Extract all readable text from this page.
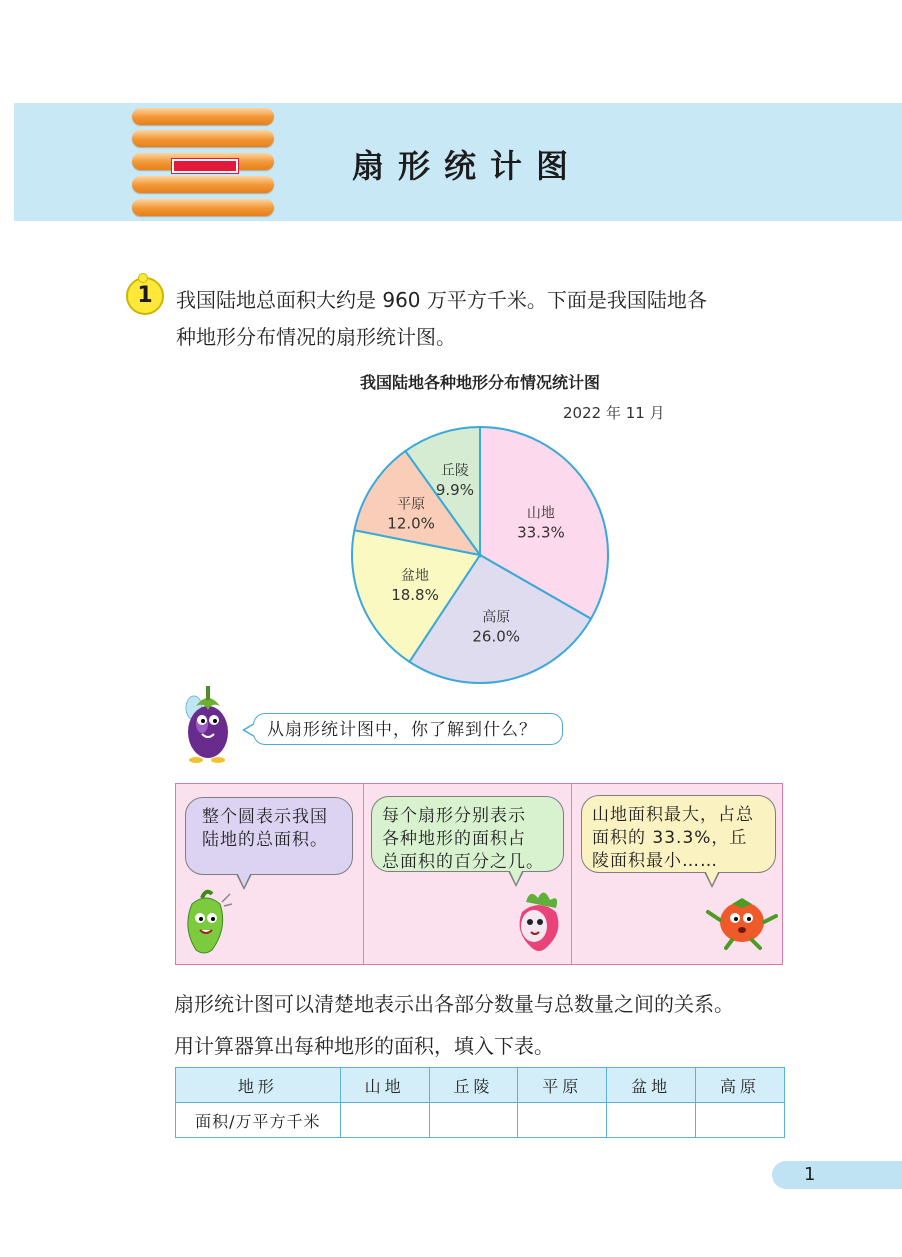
扇形统计图
1	我国陆地总面积大约是 960 万平方千米。下面是我国陆地各
种地形分布情况的扇形统计图。
我国陆地各种地形分布情况统计图
2022 年 11 月
山地
33.3%
高原
26.0%
盆地
18.8%
平原
12.0%
丘陵
9.9%
从扇形统计图中，你了解到什么？
整个圆表示我国
陆地的总面积。
每个扇形分别表示
各种地形的面积占
总面积的百分之几。
山地面积最大，占总
面积的 33.3%，丘
陵面积最小……
扇形统计图可以清楚地表示出各部分数量与总数量之间的关系。
用计算器算出每种地形的面积，填入下表。
地形	山地	丘陵	平原	盆地	高原
面积/万平方千米					
1
